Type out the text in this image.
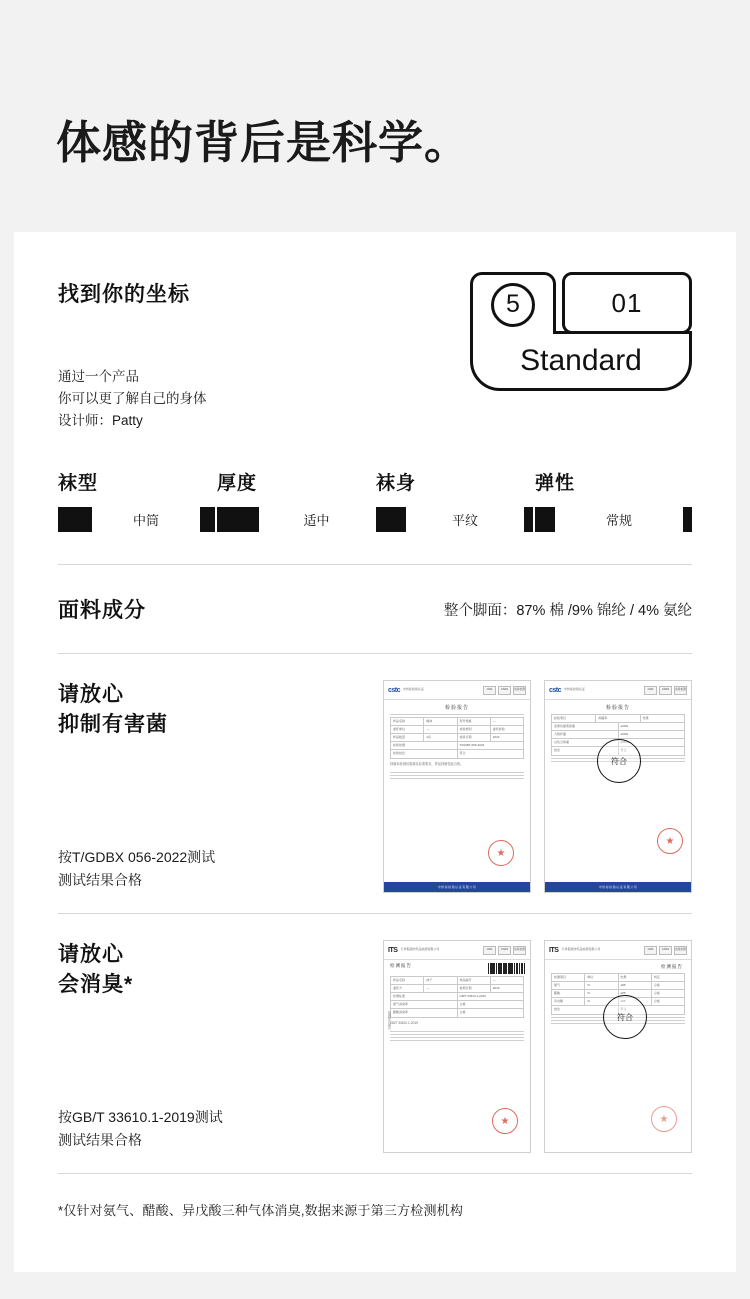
体感的背后是科学。
找到你的坐标
通过一个产品
你可以更了解自己的身体
设计师：Patty
5	01
Standard
袜型
中筒
厚度
适中
袜身
平纹
弹性
常规
面料成分	整个脚面：87% 棉 /9% 锦纶 / 4% 氨纶
请放心
抑制有害菌
按T/GDBX 056-2022测试
测试结果合格
cstc 中纺标检验认证	CMA	CNAS	检验检测
检验报告
样品名称	棉袜	型号规格	—
委托单位	—	检验类别	委托检验
样品数量	1双	检验日期	2022
检验依据	T/GDBX 056-2022
检验结论	符合
抑菌率检测结果满足标准要求，样品抑菌性能合格。
★
中纺标检验认证有限公司
cstc 中纺标检验认证	CMA	CNAS	检验检测
检验报告
检验项目	抑菌率	结果
金黄色葡萄球菌	≥99%
大肠杆菌	≥99%
白色念珠菌	≥99%
结论	符合
符合
★
中纺标检验认证有限公司
请放心
会消臭*
按GB/T 33610.1-2019测试
测试结果合格
ITS 天祥集团纺织品检测有限公司	CMA	CNAS	检验检测
检测报告
样品名称	袜子	样品编号	—
委托方	—	检测日期	2019
检测标准	GB/T 33610.1-2019
氨气消臭率	合格
醋酸消臭率	合格
GB/T 33610.1-2019
检测报告编号
★
ITS 天祥集团纺织品检测有限公司	CMA	CNAS	检验检测
检测报告
检测项目	单位	结果	判定
氨气	%	≥85	合格
醋酸	%	≥85	合格
异戊酸	%	≥85	合格
结论	符合
符合
★
*仅针对氨气、醋酸、异戊酸三种气体消臭,数据来源于第三方检测机构
